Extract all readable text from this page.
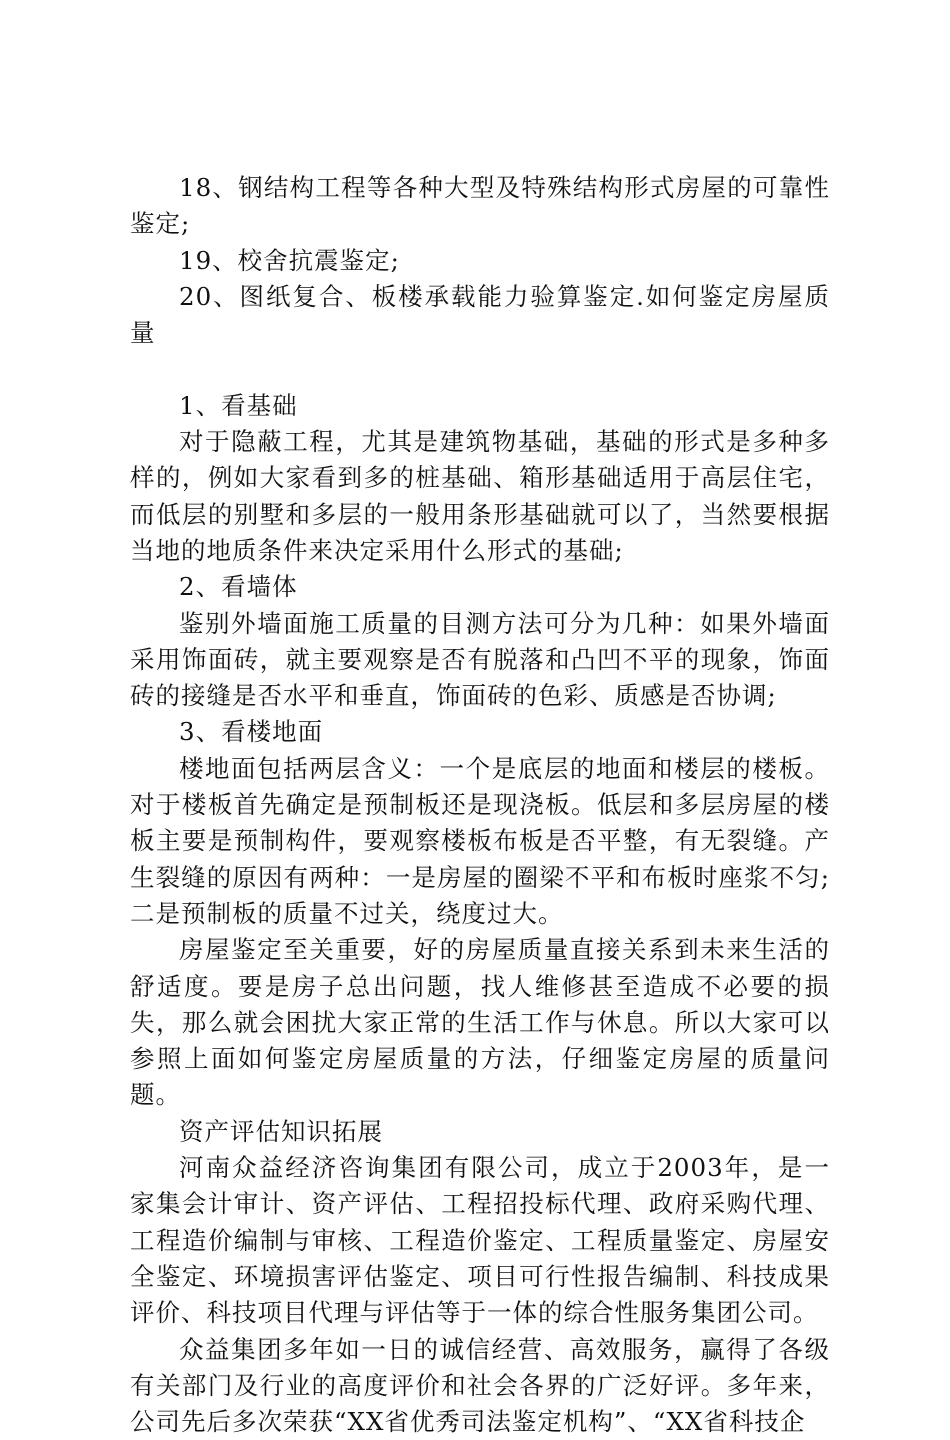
18、钢结构工程等各种大型及特殊结构形式房屋的可靠性鉴定;

19、校舍抗震鉴定;

20、图纸复合、板楼承载能力验算鉴定.如何鉴定房屋质量

1、看基础

对于隐蔽工程，尤其是建筑物基础，基础的形式是多种多样的，例如大家看到多的桩基础、箱形基础适用于高层住宅，而低层的别墅和多层的一般用条形基础就可以了，当然要根据当地的地质条件来决定采用什么形式的基础;

2、看墙体

鉴别外墙面施工质量的目测方法可分为几种：如果外墙面采用饰面砖，就主要观察是否有脱落和凸凹不平的现象，饰面砖的接缝是否水平和垂直，饰面砖的色彩、质感是否协调;

3、看楼地面

楼地面包括两层含义：一个是底层的地面和楼层的楼板。对于楼板首先确定是预制板还是现浇板。低层和多层房屋的楼板主要是预制构件，要观察楼板布板是否平整，有无裂缝。产生裂缝的原因有两种：一是房屋的圈梁不平和布板时座浆不匀;二是预制板的质量不过关，绕度过大。

房屋鉴定至关重要，好的房屋质量直接关系到未来生活的舒适度。要是房子总出问题，找人维修甚至造成不必要的损失，那么就会困扰大家正常的生活工作与休息。所以大家可以参照上面如何鉴定房屋质量的方法，仔细鉴定房屋的质量问题。

资产评估知识拓展

河南众益经济咨询集团有限公司，成立于2003年，是一家集会计审计、资产评估、工程招投标代理、政府采购代理、工程造价编制与审核、工程造价鉴定、工程质量鉴定、房屋安全鉴定、环境损害评估鉴定、项目可行性报告编制、科技成果评价、科技项目代理与评估等于一体的综合性服务集团公司。

众益集团多年如一日的诚信经营、高效服务，赢得了各级有关部门及行业的高度评价和社会各界的广泛好评。多年来，公司先后多次荣获“XX省优秀司法鉴定机构”、“XX省科技企
